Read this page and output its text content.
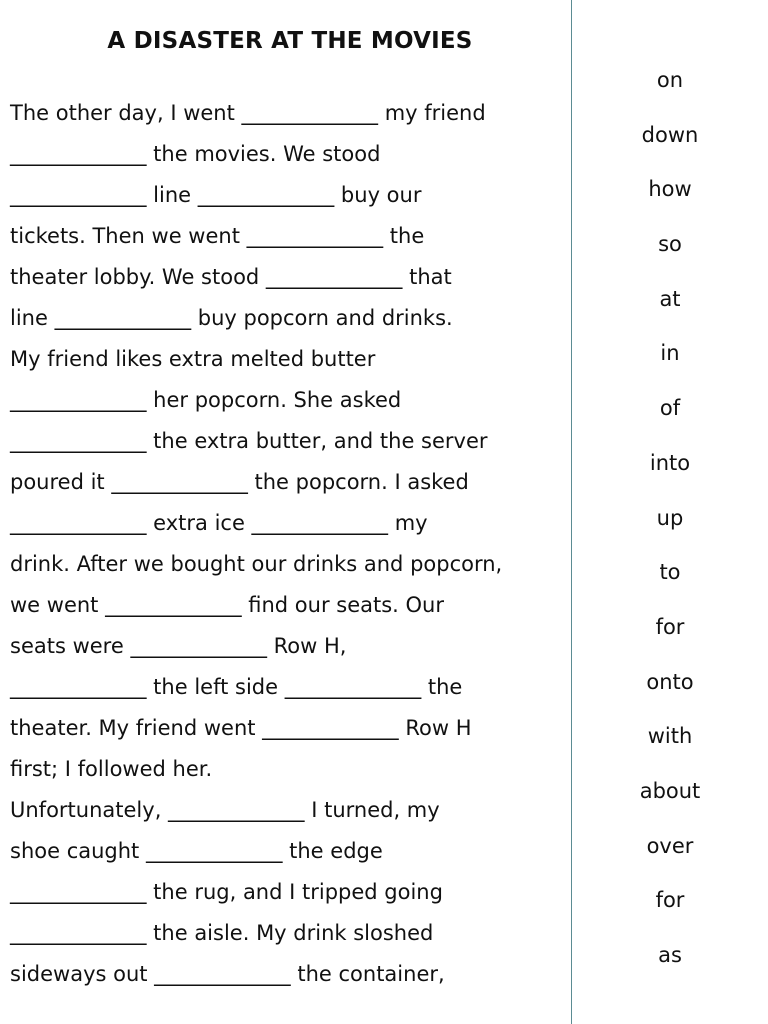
A DISASTER AT THE MOVIES
The other day, I went _____________ my friend
_____________ the movies. We stood
_____________ line _____________ buy our
tickets. Then we went _____________ the
theater lobby. We stood _____________ that
line _____________ buy popcorn and drinks.
My friend likes extra melted butter
_____________ her popcorn. She asked
_____________ the extra butter, and the server
poured it _____________ the popcorn. I asked
_____________ extra ice _____________ my
drink. After we bought our drinks and popcorn,
we went _____________ find our seats. Our
seats were _____________ Row H,
_____________ the left side _____________ the
theater. My friend went _____________ Row H
first; I followed her.
Unfortunately, _____________ I turned, my
shoe caught _____________ the edge
_____________ the rug, and I tripped going
_____________ the aisle. My drink sloshed
sideways out _____________ the container,
on
down
how
so
at
in
of
into
up
to
for
onto
with
about
over
for
as
